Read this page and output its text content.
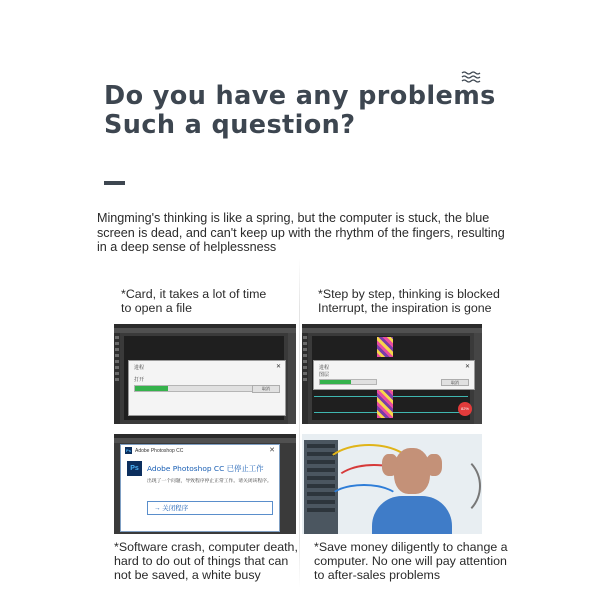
Do you have any problems
Such a question?

Mingming's thinking is like a spring, but the computer is stuck, the blue screen is dead, and can't keep up with the rhythm of the fingers, resulting in a deep sense of helplessness

*Card, it takes a lot of time
to open a file

*Step by step, thinking is blocked
Interrupt, the inspiration is gone

进程	✕
打开
取消
进程	✕
图层
取消
82%
Ps Adobe Photoshop CC	✕
Ps	Adobe Photoshop CC 已停止工作
出现了一个问题，导致程序停止正常工作。请关闭该程序。
→ 关闭程序

*Software crash, computer death,
hard to do out of things that can
not be saved, a white busy

*Save money diligently to change a
computer. No one will pay attention
to after-sales problems
